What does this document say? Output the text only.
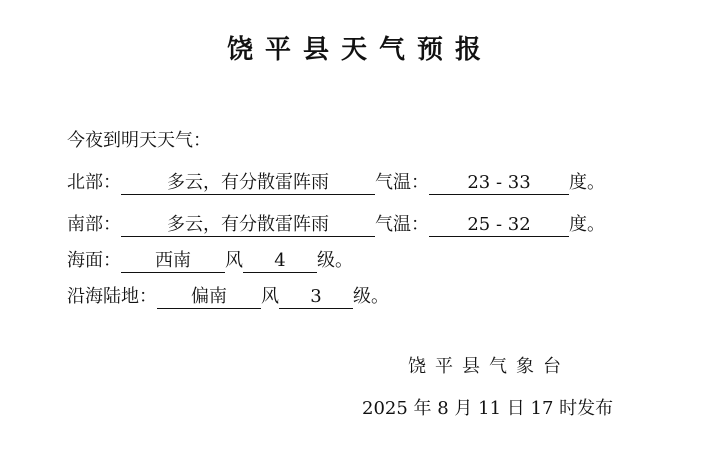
饶平县天气预报
今夜到明天天气：
北部：	多云，有分散雷阵雨	气温：	23 - 33	度。
南部：	多云，有分散雷阵雨	气温：	25 - 32	度。
海面：	西南	风	4	级。
沿海陆地：	偏南	风	3	级。
饶平县气象台
2025 年 8 月 11 日 17 时发布
